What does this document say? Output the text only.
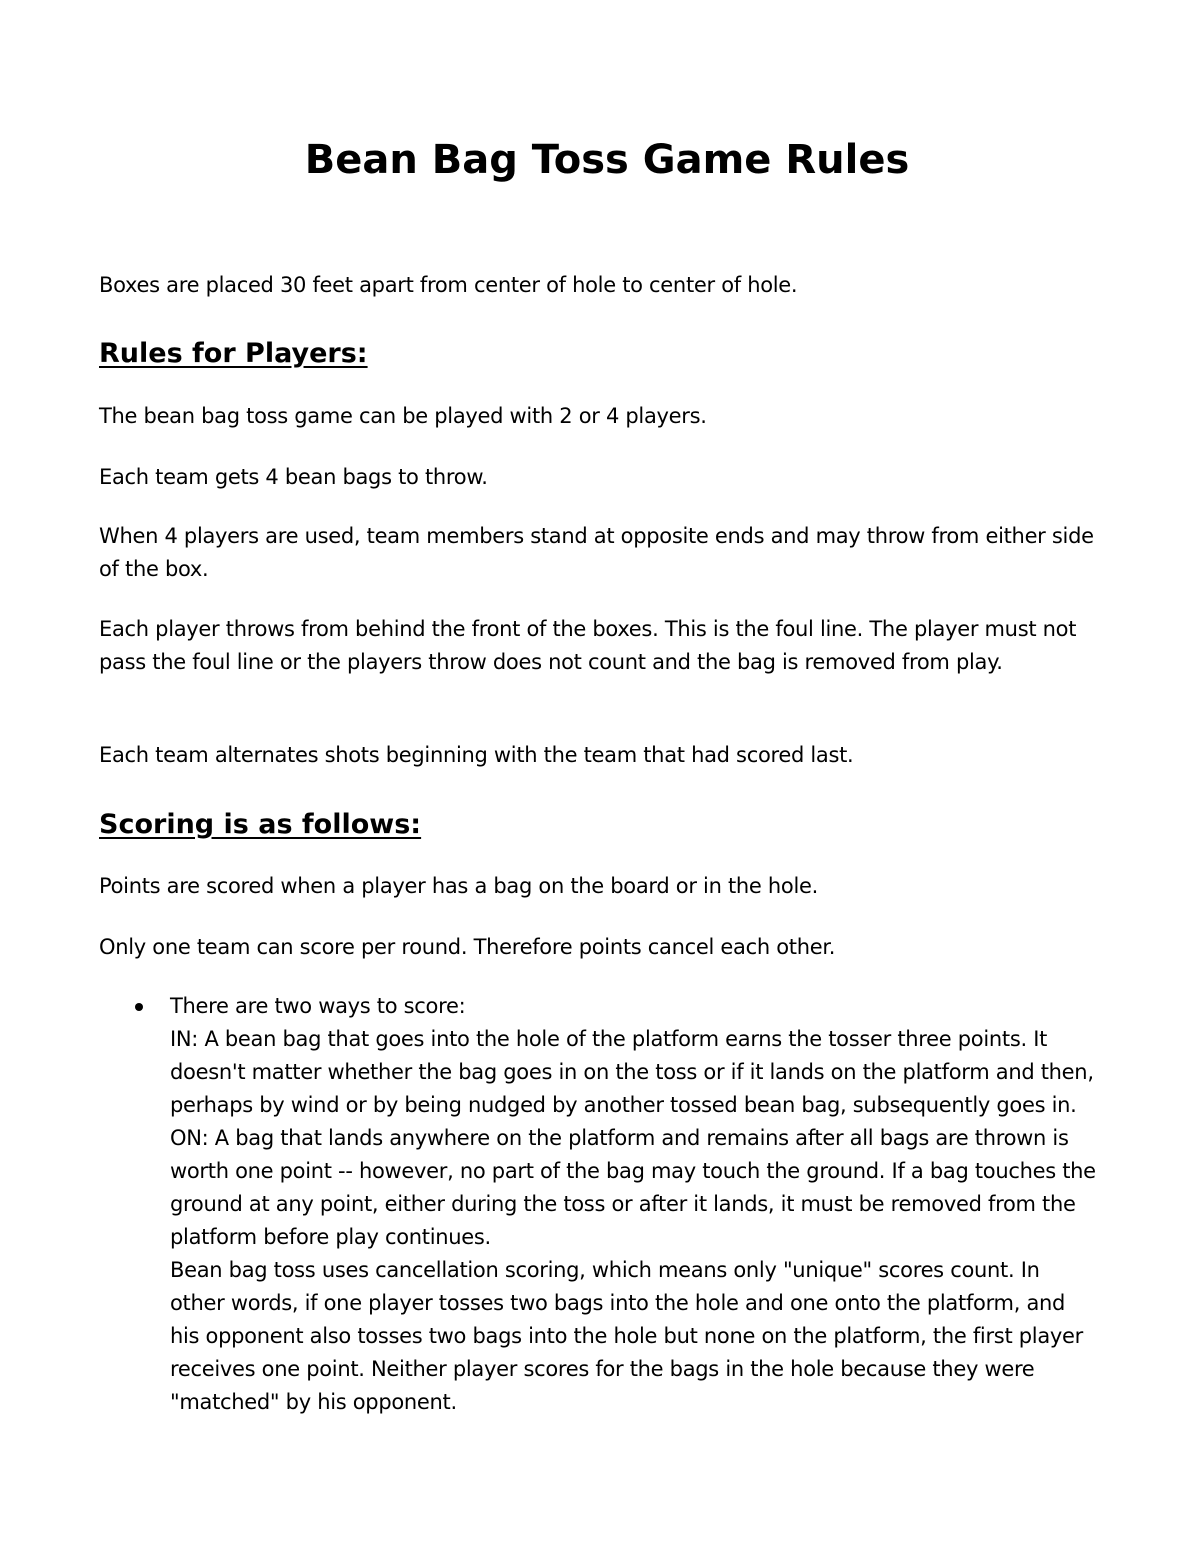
Bean Bag Toss Game Rules

Boxes are placed 30 feet apart from center of hole to center of hole.

Rules for Players:

The bean bag toss game can be played with 2 or 4 players.

Each team gets 4 bean bags to throw.

When 4 players are used, team members stand at opposite ends and may throw from either side of the box.

Each player throws from behind the front of the boxes. This is the foul line. The player must not pass the foul line or the players throw does not count and the bag is removed from play.

Each team alternates shots beginning with the team that had scored last.

Scoring is as follows:

Points are scored when a player has a bag on the board or in the hole.

Only one team can score per round. Therefore points cancel each other.

There are two ways to score:
IN: A bean bag that goes into the hole of the platform earns the tosser three points. It doesn't matter whether the bag goes in on the toss or if it lands on the platform and then, perhaps by wind or by being nudged by another tossed bean bag, subsequently goes in.
ON: A bag that lands anywhere on the platform and remains after all bags are thrown is worth one point -- however, no part of the bag may touch the ground. If a bag touches the ground at any point, either during the toss or after it lands, it must be removed from the platform before play continues.
Bean bag toss uses cancellation scoring, which means only "unique" scores count. In other words, if one player tosses two bags into the hole and one onto the platform, and his opponent also tosses two bags into the hole but none on the platform, the first player receives one point. Neither player scores for the bags in the hole because they were "matched" by his opponent.
